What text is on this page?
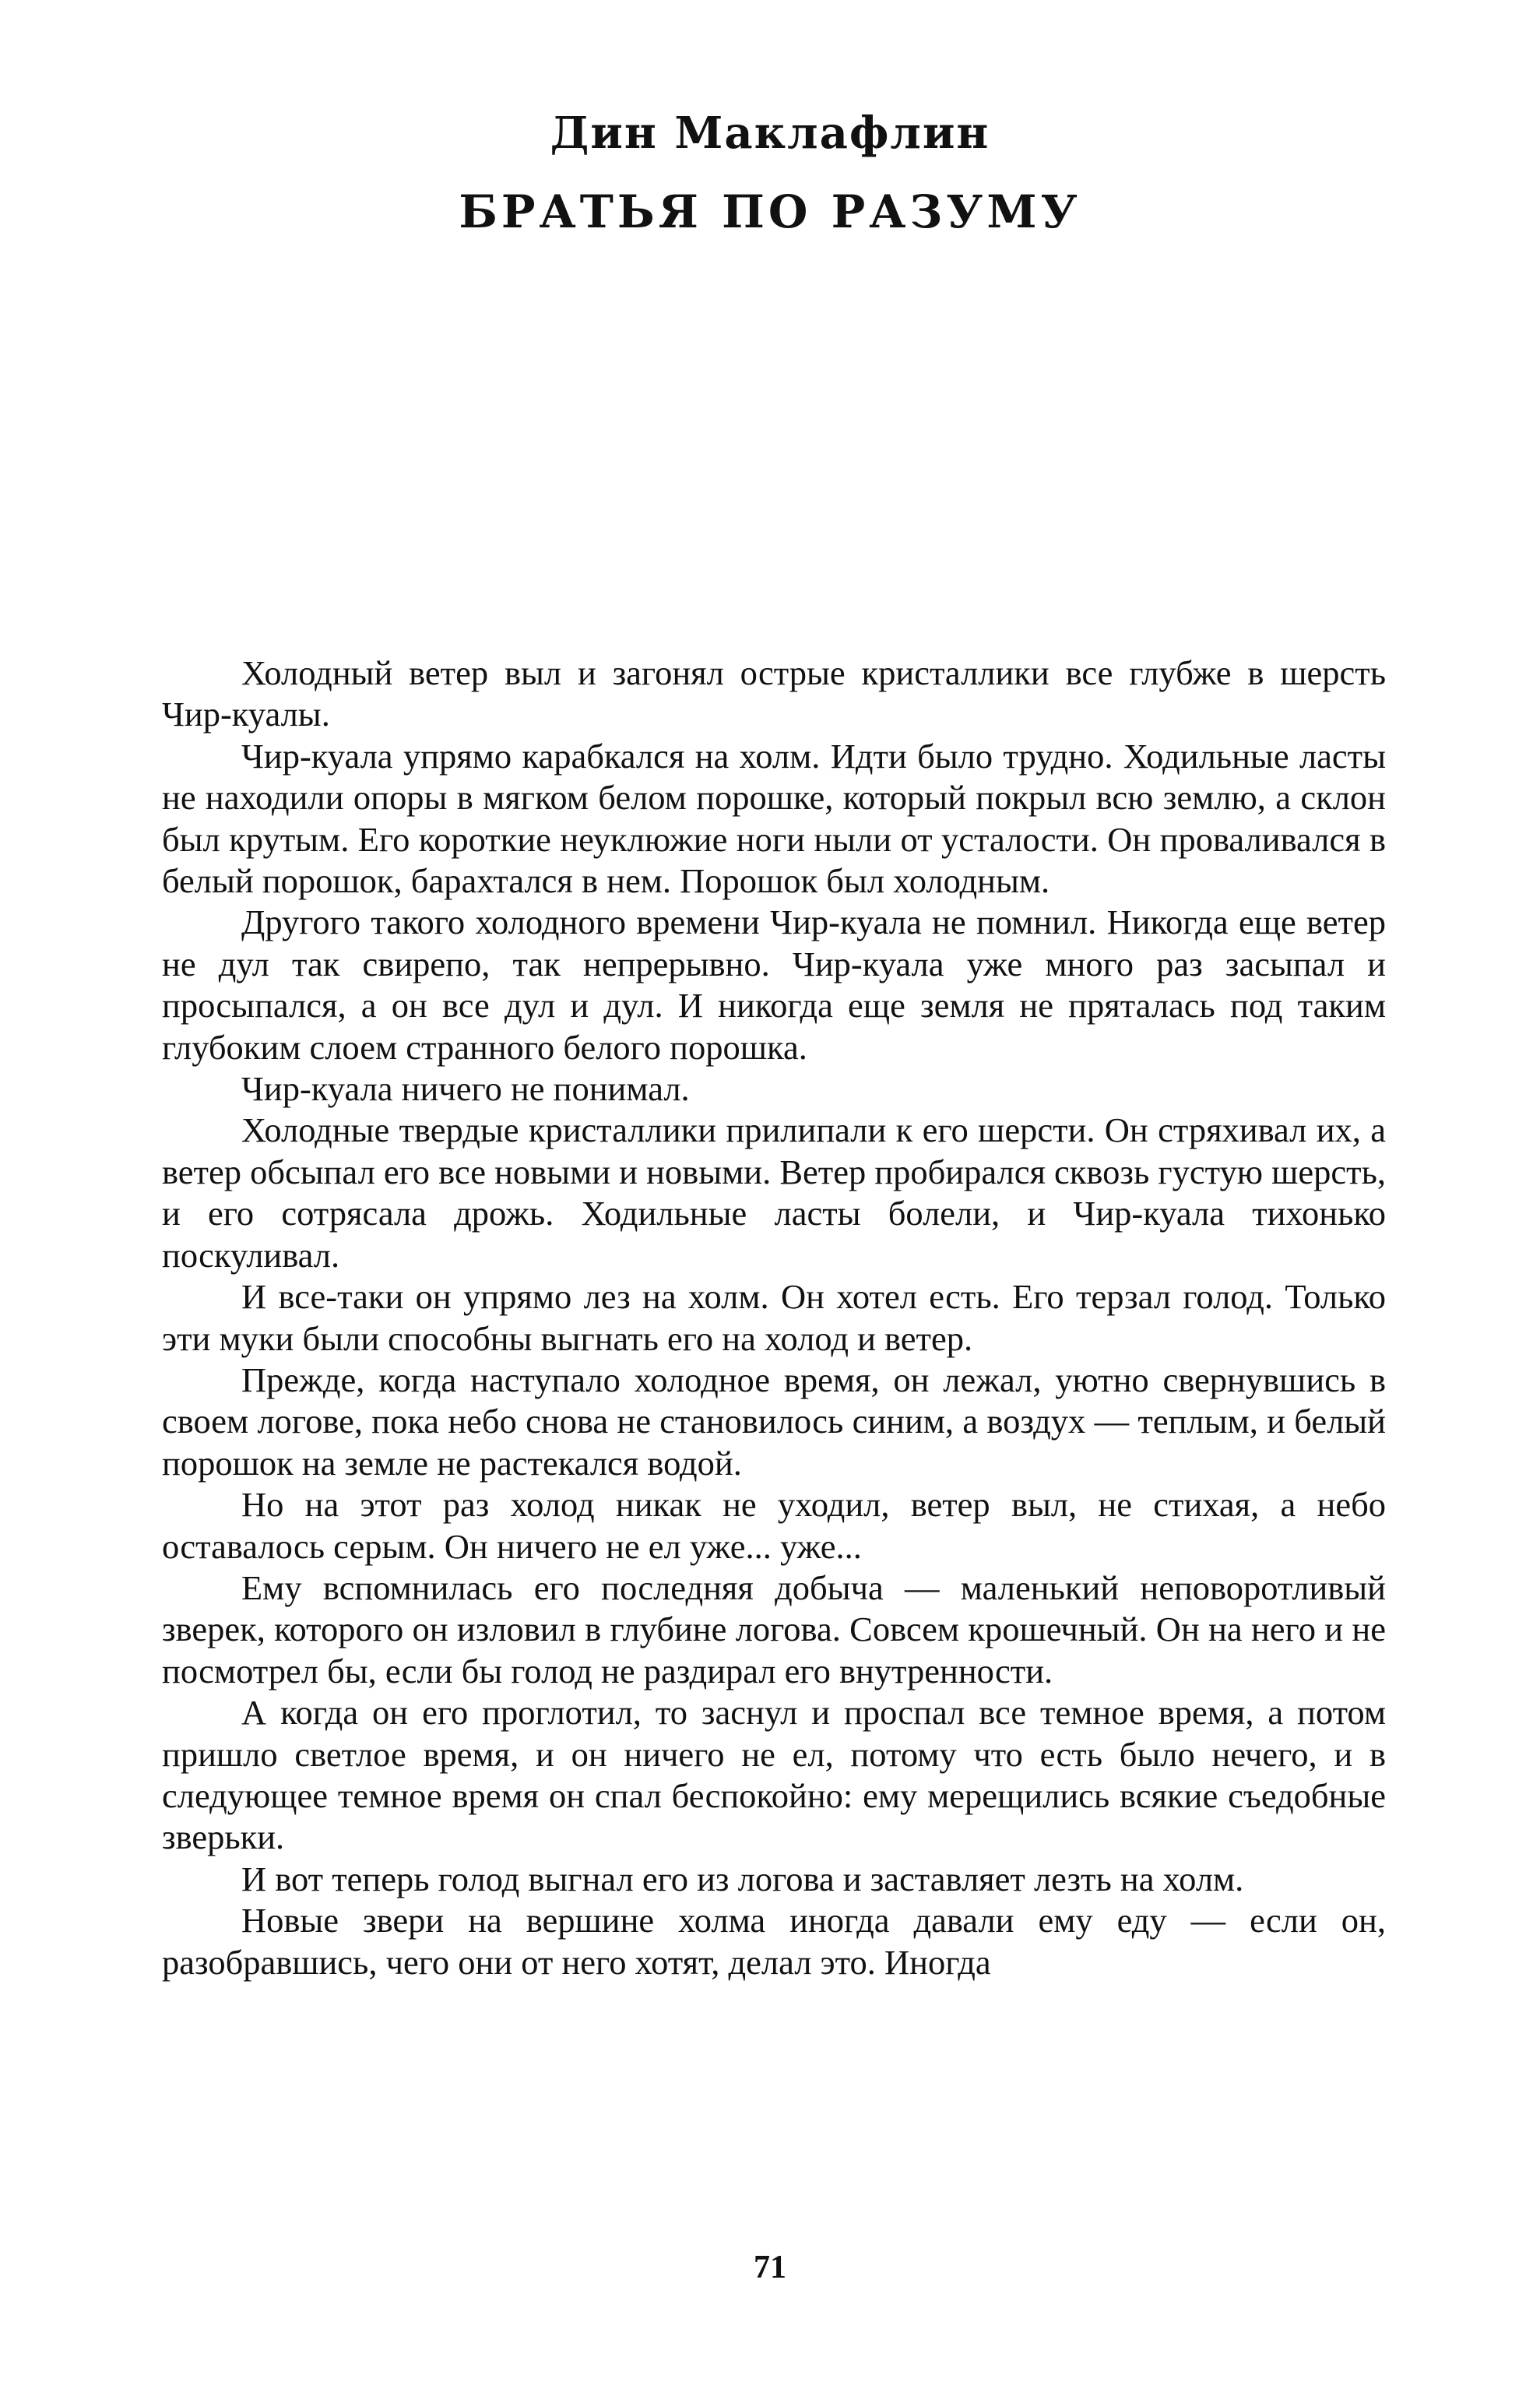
Дин Маклафлин
БРАТЬЯ ПО РАЗУМУ

Холодный ветер выл и загонял острые кристаллики все глубже в шерсть Чир-куалы.

Чир-куала упрямо карабкался на холм. Идти было трудно. Ходильные ласты не находили опоры в мягком белом порошке, который покрыл всю землю, а склон был крутым. Его короткие неуклюжие ноги ныли от усталости. Он проваливался в белый порошок, барахтался в нем. Порошок был холодным.

Другого такого холодного времени Чир-куала не помнил. Никогда еще ветер не дул так свирепо, так непрерывно. Чир-куала уже много раз засыпал и просыпался, а он все дул и дул. И никогда еще земля не пряталась под таким глубоким слоем странного белого порошка.

Чир-куала ничего не понимал.

Холодные твердые кристаллики прилипали к его шерсти. Он стряхивал их, а ветер обсыпал его все новыми и новыми. Ветер пробирался сквозь густую шерсть, и его сотрясала дрожь. Ходильные ласты болели, и Чир-куала тихонько поскуливал.

И все-таки он упрямо лез на холм. Он хотел есть. Его терзал голод. Только эти муки были способны выгнать его на холод и ветер.

Прежде, когда наступало холодное время, он лежал, уютно свернувшись в своем логове, пока небо снова не становилось синим, а воздух — теплым, и белый порошок на земле не растекался водой.

Но на этот раз холод никак не уходил, ветер выл, не стихая, а небо оставалось серым. Он ничего не ел уже... уже...

Ему вспомнилась его последняя добыча — маленький неповоротливый зверек, которого он изловил в глубине логова. Совсем крошечный. Он на него и не посмотрел бы, если бы голод не раздирал его внутренности.

А когда он его проглотил, то заснул и проспал все темное время, а потом пришло светлое время, и он ничего не ел, потому что есть было нечего, и в следующее темное время он спал беспокойно: ему мерещились всякие съедобные зверьки.

И вот теперь голод выгнал его из логова и заставляет лезть на холм.

Новые звери на вершине холма иногда давали ему еду — если он, разобравшись, чего они от него хотят, делал это. Иногда

71
